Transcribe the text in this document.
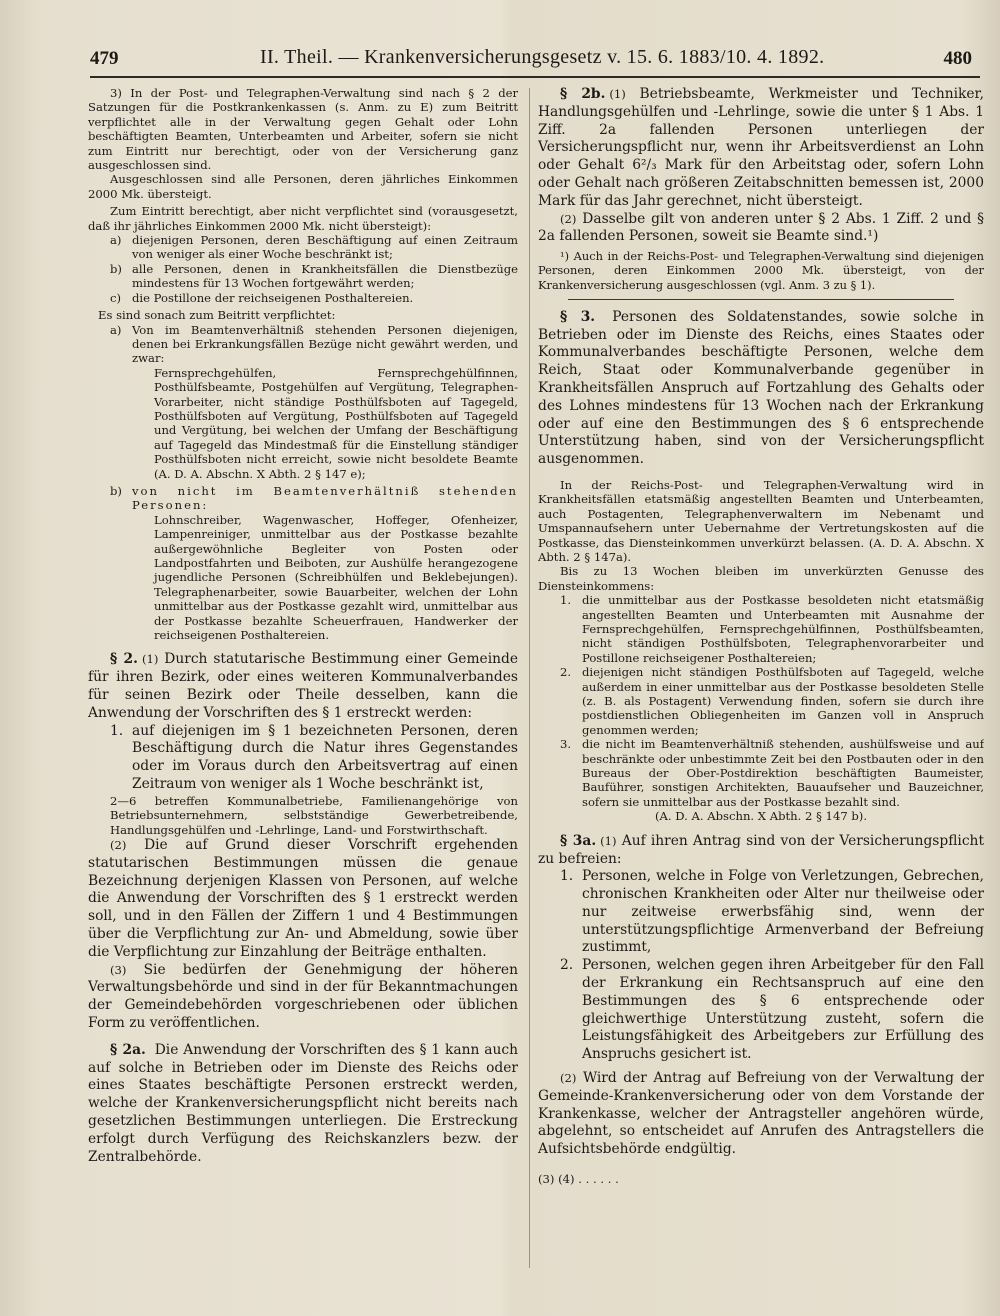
479	II. Theil. — Krankenversicherungsgesetz v. 15. 6. 1883/10. 4. 1892.	480

3) In der Post- und Telegraphen-Verwaltung sind nach § 2 der Satzungen für die Postkrankenkassen (s. Anm. zu E) zum Beitritt verpflichtet alle in der Verwaltung gegen Gehalt oder Lohn beschäftigten Beamten, Unterbeamten und Arbeiter, sofern sie nicht zum Eintritt nur berechtigt, oder von der Versicherung ganz ausgeschlossen sind.

Ausgeschlossen sind alle Personen, deren jährliches Einkommen 2000 Mk. übersteigt.

Zum Eintritt berechtigt, aber nicht verpflichtet sind (vorausgesetzt, daß ihr jährliches Einkommen 2000 Mk. nicht übersteigt):

a) diejenigen Personen, deren Beschäftigung auf einen Zeitraum von weniger als einer Woche beschränkt ist;
b) alle Personen, denen in Krankheitsfällen die Dienstbezüge mindestens für 13 Wochen fortgewährt werden;
c) die Postillone der reichseigenen Posthaltereien.

Es sind sonach zum Beitritt verpflichtet:

a) Von im Beamtenverhältniß stehenden Personen diejenigen, denen bei Erkrankungsfällen Bezüge nicht gewährt werden, und zwar:

Fernsprechgehülfen, Fernsprechgehülfinnen, Posthülfsbeamte, Postgehülfen auf Vergütung, Telegraphen-Vorarbeiter, nicht ständige Posthülfsboten auf Tagegeld, Posthülfsboten auf Vergütung, Posthülfsboten auf Tagegeld und Vergütung, bei welchen der Umfang der Beschäftigung auf Tagegeld das Mindestmaß für die Einstellung ständiger Posthülfsboten nicht erreicht, sowie nicht besoldete Beamte (A. D. A. Abschn. X Abth. 2 § 147 e);

b) von nicht im Beamtenverhältniß stehenden Personen:

Lohnschreiber, Wagenwascher, Hoffeger, Ofenheizer, Lampenreiniger, unmittelbar aus der Postkasse bezahlte außergewöhnliche Begleiter von Posten oder Landpostfahrten und Beiboten, zur Aushülfe herangezogene jugendliche Personen (Schreibhülfen und Beklebejungen). Telegraphenarbeiter, sowie Bauarbeiter, welchen der Lohn unmittelbar aus der Postkasse gezahlt wird, unmittelbar aus der Postkasse bezahlte Scheuerfrauen, Handwerker der reichseigenen Posthaltereien.

§ 2. (1) Durch statutarische Bestimmung einer Gemeinde für ihren Bezirk, oder eines weiteren Kommunalverbandes für seinen Bezirk oder Theile desselben, kann die Anwendung der Vorschriften des § 1 erstreckt werden:

1. auf diejenigen im § 1 bezeichneten Personen, deren Beschäftigung durch die Natur ihres Gegenstandes oder im Voraus durch den Arbeitsvertrag auf einen Zeitraum von weniger als 1 Woche beschränkt ist,

2—6 betreffen Kommunalbetriebe, Familienangehörige von Betriebsunternehmern, selbstständige Gewerbetreibende, Handlungsgehülfen und -Lehrlinge, Land- und Forstwirthschaft.

(2) Die auf Grund dieser Vorschrift ergehenden statutarischen Bestimmungen müssen die genaue Bezeichnung derjenigen Klassen von Personen, auf welche die Anwendung der Vorschriften des § 1 erstreckt werden soll, und in den Fällen der Ziffern 1 und 4 Bestimmungen über die Verpflichtung zur An- und Abmeldung, sowie über die Verpflichtung zur Einzahlung der Beiträge enthalten.

(3) Sie bedürfen der Genehmigung der höheren Verwaltungsbehörde und sind in der für Bekanntmachungen der Gemeindebehörden vorgeschriebenen oder üblichen Form zu veröffentlichen.

§ 2a. Die Anwendung der Vorschriften des § 1 kann auch auf solche in Betrieben oder im Dienste des Reichs oder eines Staates beschäftigte Personen erstreckt werden, welche der Krankenversicherungspflicht nicht bereits nach gesetzlichen Bestimmungen unterliegen. Die Erstreckung erfolgt durch Verfügung des Reichskanzlers bezw. der Zentralbehörde.

§ 2b. (1) Betriebsbeamte, Werkmeister und Techniker, Handlungsgehülfen und -Lehrlinge, sowie die unter § 1 Abs. 1 Ziff. 2a fallenden Personen unterliegen der Versicherungspflicht nur, wenn ihr Arbeitsverdienst an Lohn oder Gehalt 6²/₃ Mark für den Arbeitstag oder, sofern Lohn oder Gehalt nach größeren Zeitabschnitten bemessen ist, 2000 Mark für das Jahr gerechnet, nicht übersteigt.

(2) Dasselbe gilt von anderen unter § 2 Abs. 1 Ziff. 2 und § 2a fallenden Personen, soweit sie Beamte sind.¹)

¹) Auch in der Reichs-Post- und Telegraphen-Verwaltung sind diejenigen Personen, deren Einkommen 2000 Mk. übersteigt, von der Krankenversicherung ausgeschlossen (vgl. Anm. 3 zu § 1).

§ 3. Personen des Soldatenstandes, sowie solche in Betrieben oder im Dienste des Reichs, eines Staates oder Kommunalverbandes beschäftigte Personen, welche dem Reich, Staat oder Kommunalverbande gegenüber in Krankheitsfällen Anspruch auf Fortzahlung des Gehalts oder des Lohnes mindestens für 13 Wochen nach der Erkrankung oder auf eine den Bestimmungen des § 6 entsprechende Unterstützung haben, sind von der Versicherungspflicht ausgenommen.

In der Reichs-Post- und Telegraphen-Verwaltung wird in Krankheitsfällen etatsmäßig angestellten Beamten und Unterbeamten, auch Postagenten, Telegraphenverwaltern im Nebenamt und Umspannaufsehern unter Uebernahme der Vertretungskosten auf die Postkasse, das Diensteinkommen unverkürzt belassen. (A. D. A. Abschn. X Abth. 2 § 147a).

Bis zu 13 Wochen bleiben im unverkürzten Genusse des Diensteinkommens:

1. die unmittelbar aus der Postkasse besoldeten nicht etatsmäßig angestellten Beamten und Unterbeamten mit Ausnahme der Fernsprechgehülfen, Fernsprechgehülfinnen, Posthülfsbeamten, nicht ständigen Posthülfsboten, Telegraphenvorarbeiter und Postillone reichseigener Posthaltereien;
2. diejenigen nicht ständigen Posthülfsboten auf Tagegeld, welche außerdem in einer unmittelbar aus der Postkasse besoldeten Stelle (z. B. als Postagent) Verwendung finden, sofern sie durch ihre postdienstlichen Obliegenheiten im Ganzen voll in Anspruch genommen werden;
3. die nicht im Beamtenverhältniß stehenden, aushülfsweise und auf beschränkte oder unbestimmte Zeit bei den Postbauten oder in den Bureaus der Ober-Postdirektion beschäftigten Baumeister, Bauführer, sonstigen Architekten, Bauaufseher und Bauzeichner, sofern sie unmittelbar aus der Postkasse bezahlt sind.

(A. D. A. Abschn. X Abth. 2 § 147 b).

§ 3a. (1) Auf ihren Antrag sind von der Versicherungspflicht zu befreien:

1. Personen, welche in Folge von Verletzungen, Gebrechen, chronischen Krankheiten oder Alter nur theilweise oder nur zeitweise erwerbsfähig sind, wenn der unterstützungspflichtige Armenverband der Befreiung zustimmt,
2. Personen, welchen gegen ihren Arbeitgeber für den Fall der Erkrankung ein Rechtsanspruch auf eine den Bestimmungen des § 6 entsprechende oder gleichwerthige Unterstützung zusteht, sofern die Leistungsfähigkeit des Arbeitgebers zur Erfüllung des Anspruchs gesichert ist.

(2) Wird der Antrag auf Befreiung von der Verwaltung der Gemeinde-Krankenversicherung oder von dem Vorstande der Krankenkasse, welcher der Antragsteller angehören würde, abgelehnt, so entscheidet auf Anrufen des Antragstellers die Aufsichtsbehörde endgültig.

(3) (4) . . . . . .
